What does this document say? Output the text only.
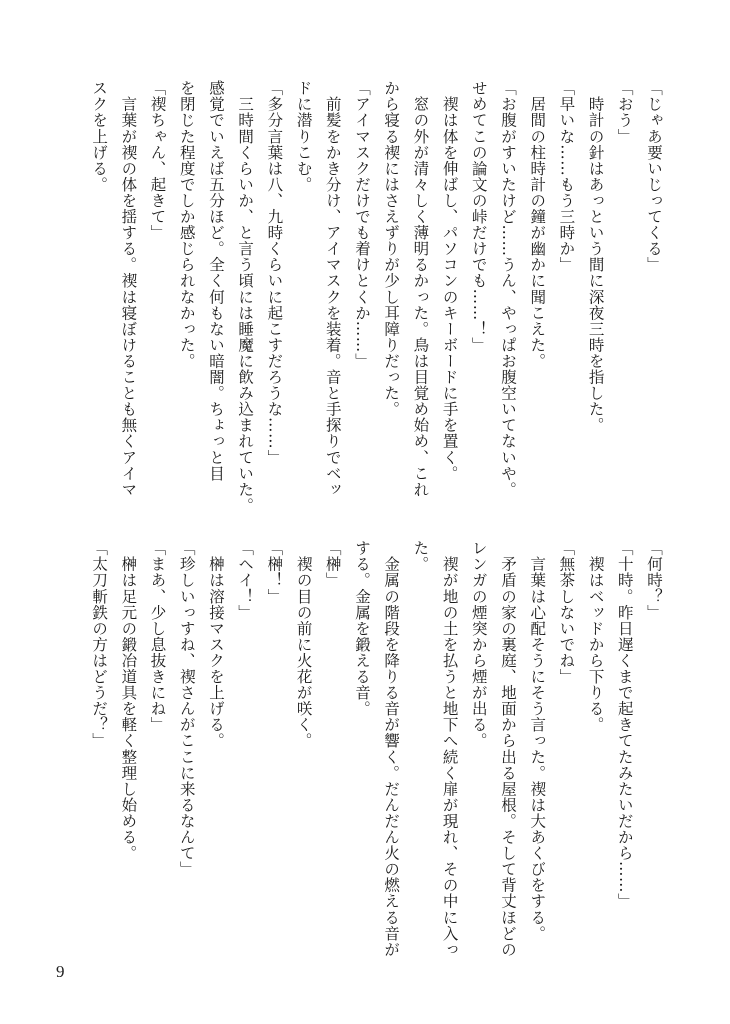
「じゃあ要いじってくる」
「おう」
　時計の針はあっという間に深夜三時を指した。
「早いな……もう三時か」
　居間の柱時計の鐘が幽かに聞こえた。
「お腹がすいたけど……うん、やっぱお腹空いてないや。
せめてこの論文の峠だけでも……！」
　禊は体を伸ばし、パソコンのキーボードに手を置く。
　窓の外が清々しく薄明るかった。鳥は目覚め始め、これ
から寝る禊にはさえずりが少し耳障りだった。
「アイマスクだけでも着けとくか……」
　前髪をかき分け、アイマスクを装着。音と手探りでベッ
ドに潜りこむ。
「多分言葉は八、九時くらいに起こすだろうな……」
　三時間くらいか、と言う頃には睡魔に飲み込まれていた。
感覚でいえば五分ほど。全く何もない暗闇。ちょっと目
を閉じた程度でしか感じられなかった。
「禊ちゃん、起きて」
　言葉が禊の体を揺する。禊は寝ぼけることも無くアイマ
スクを上げる。
「何時？」
「十時。昨日遅くまで起きてたみたいだから……」
　禊はベッドから下りる。
「無茶しないでね」
　言葉は心配そうにそう言った。禊は大あくびをする。
　矛盾の家の裏庭、地面から出る屋根。そして背丈ほどの
レンガの煙突から煙が出る。
　禊が地の土を払うと地下へ続く扉が現れ、その中に入っ
た。
　金属の階段を降りる音が響く。だんだん火の燃える音が
する。金属を鍛える音。
「榊」
　禊の目の前に火花が咲く。
「榊！」
「ヘイ！」
　榊は溶接マスクを上げる。
「珍しいっすね、禊さんがここに来るなんて」
「まあ、少し息抜きにね」
　榊は足元の鍛冶道具を軽く整理し始める。
「太刀斬鉄の方はどうだ？」
9
